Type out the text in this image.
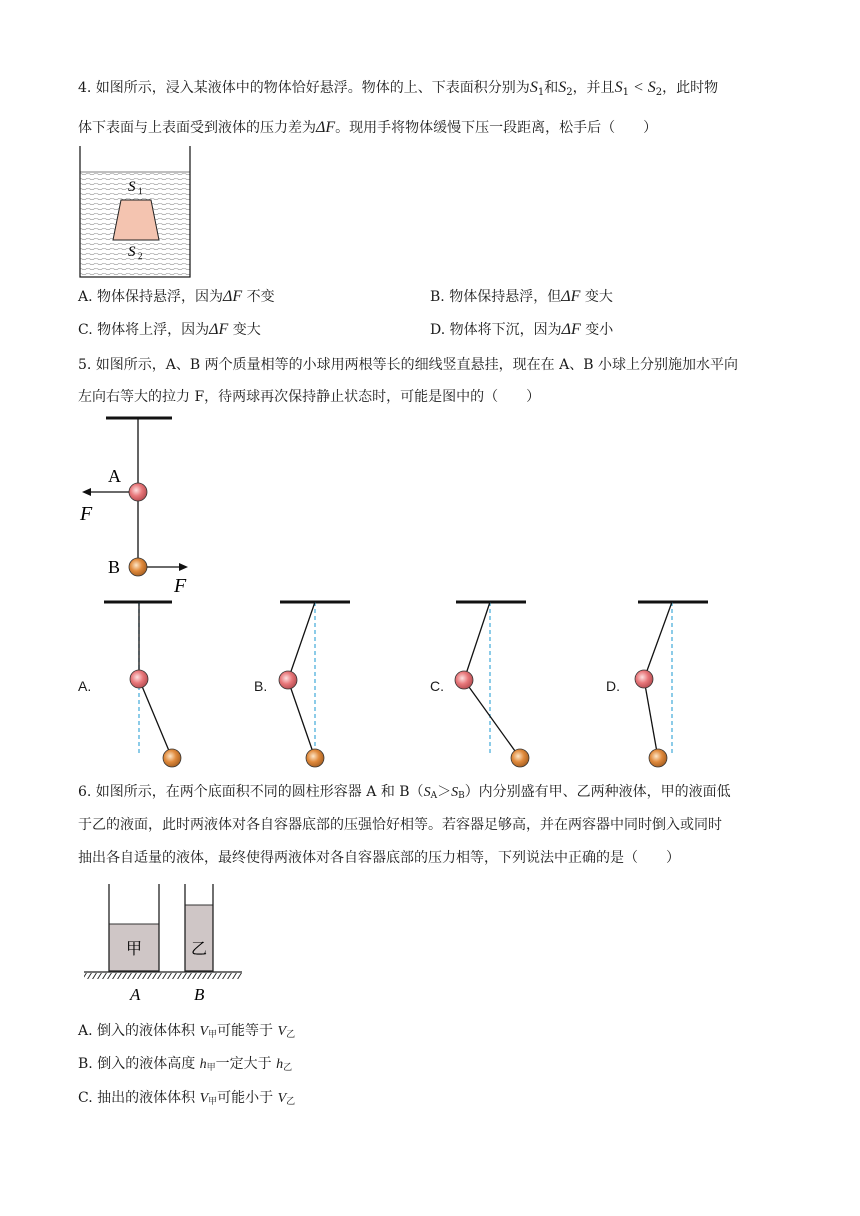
4. 如图所示，浸入某液体中的物体恰好悬浮。物体的上、下表面积分别为$S_1$和$S_2$，并且$S_1 < S_2$，此时物
体下表面与上表面受到液体的压力差为ΔF。现用手将物体缓慢下压一段距离，松手后（　　）
S 1
S 2
A. 物体保持悬浮，因为ΔF 不变	B. 物体保持悬浮，但ΔF 变大
C. 物体将上浮，因为ΔF 变大	D. 物体将下沉，因为ΔF 变小
5. 如图所示，A、B 两个质量相等的小球用两根等长的细线竖直悬挂，现在在 A、B 小球上分别施加水平向
左向右等大的拉力 F，待两球再次保持静止状态时，可能是图中的（　　）
A
B
F
F
A.	B.	C.	D.
6. 如图所示，在两个底面积不同的圆柱形容器 A 和 B（SA＞SB）内分别盛有甲、乙两种液体，甲的液面低
于乙的液面，此时两液体对各自容器底部的压强恰好相等。若容器足够高，并在两容器中同时倒入或同时
抽出各自适量的液体，最终使得两液体对各自容器底部的压力相等，下列说法中正确的是（　　）
甲	乙
A	B
A. 倒入的液体体积 V甲可能等于 V乙
B. 倒入的液体高度 h甲一定大于 h乙
C. 抽出的液体体积 V甲可能小于 V乙
